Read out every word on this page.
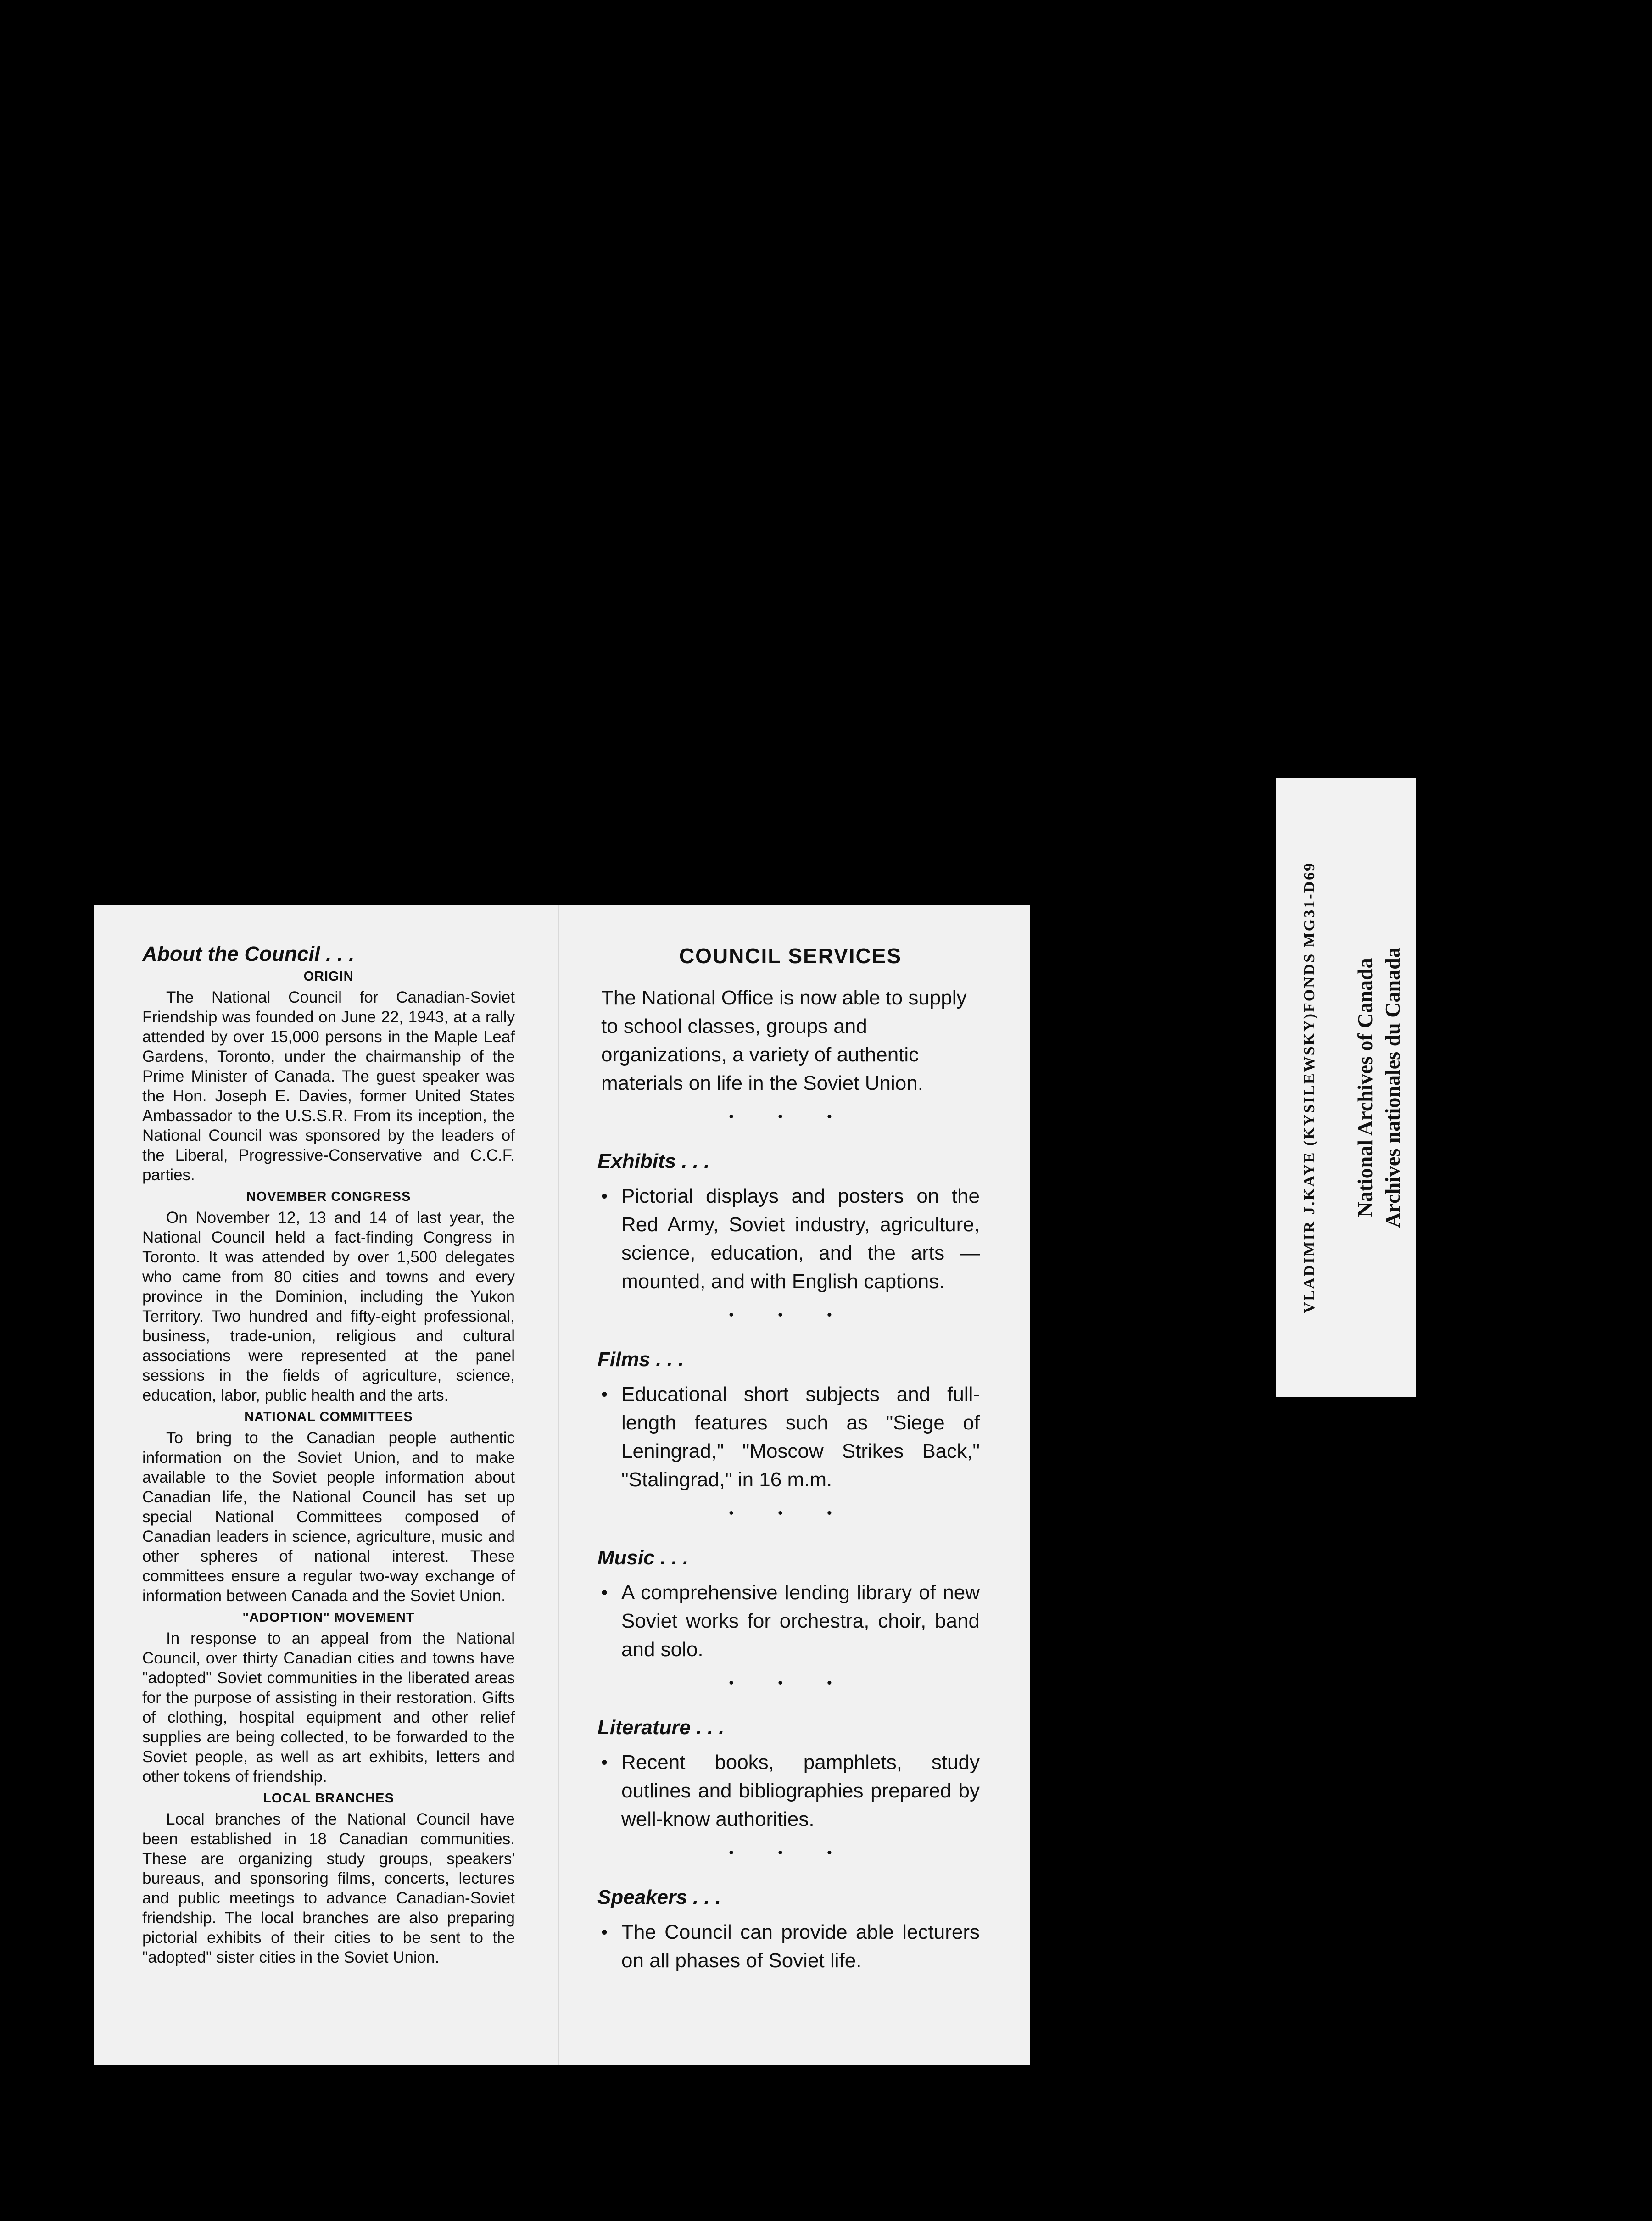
About the Council . . .
ORIGIN

The National Council for Canadian-Soviet Friendship was founded on June 22, 1943, at a rally attended by over 15,000 persons in the Maple Leaf Gardens, Toronto, under the chairmanship of the Prime Minister of Canada. The guest speaker was the Hon. Joseph E. Davies, former United States Ambassador to the U.S.S.R. From its inception, the National Council was sponsored by the leaders of the Liberal, Progressive-Conservative and C.C.F. parties.

NOVEMBER CONGRESS

On November 12, 13 and 14 of last year, the National Council held a fact-finding Congress in Toronto. It was attended by over 1,500 delegates who came from 80 cities and towns and every province in the Dominion, including the Yukon Territory. Two hundred and fifty-eight professional, business, trade-union, religious and cultural associations were represented at the panel sessions in the fields of agriculture, science, education, labor, public health and the arts.

NATIONAL COMMITTEES

To bring to the Canadian people authentic information on the Soviet Union, and to make available to the Soviet people information about Canadian life, the National Council has set up special National Committees composed of Canadian leaders in science, agriculture, music and other spheres of national interest. These committees ensure a regular two-way exchange of information between Canada and the Soviet Union.

"ADOPTION" MOVEMENT

In response to an appeal from the National Council, over thirty Canadian cities and towns have "adopted" Soviet communities in the liberated areas for the purpose of assisting in their restoration. Gifts of clothing, hospital equipment and other relief supplies are being collected, to be forwarded to the Soviet people, as well as art exhibits, letters and other tokens of friendship.

LOCAL BRANCHES

Local branches of the National Council have been established in 18 Canadian communities. These are organizing study groups, speakers' bureaus, and sponsoring films, concerts, lectures and public meetings to advance Canadian-Soviet friendship. The local branches are also preparing pictorial exhibits of their cities to be sent to the "adopted" sister cities in the Soviet Union.

COUNCIL SERVICES

The National Office is now able to supply to school classes, groups and organizations, a variety of authentic materials on life in the Soviet Union.

• • •
Exhibits . . .
• Pictorial displays and posters on the Red Army, Soviet industry, agriculture, science, education, and the arts — mounted, and with English captions.
• • •
Films . . .
• Educational short subjects and full-length features such as "Siege of Leningrad," "Moscow Strikes Back," "Stalingrad," in 16 m.m.
• • •
Music . . .
• A comprehensive lending library of new Soviet works for orchestra, choir, band and solo.
• • •
Literature . . .
• Recent books, pamphlets, study outlines and bibliographies prepared by well-know authorities.
• • •
Speakers . . .
• The Council can provide able lecturers on all phases of Soviet life.
VLADIMIR J.KAYE (KYSILEWSKY)FONDS MG31-D69 National Archives of Canada Archives nationales du Canada
